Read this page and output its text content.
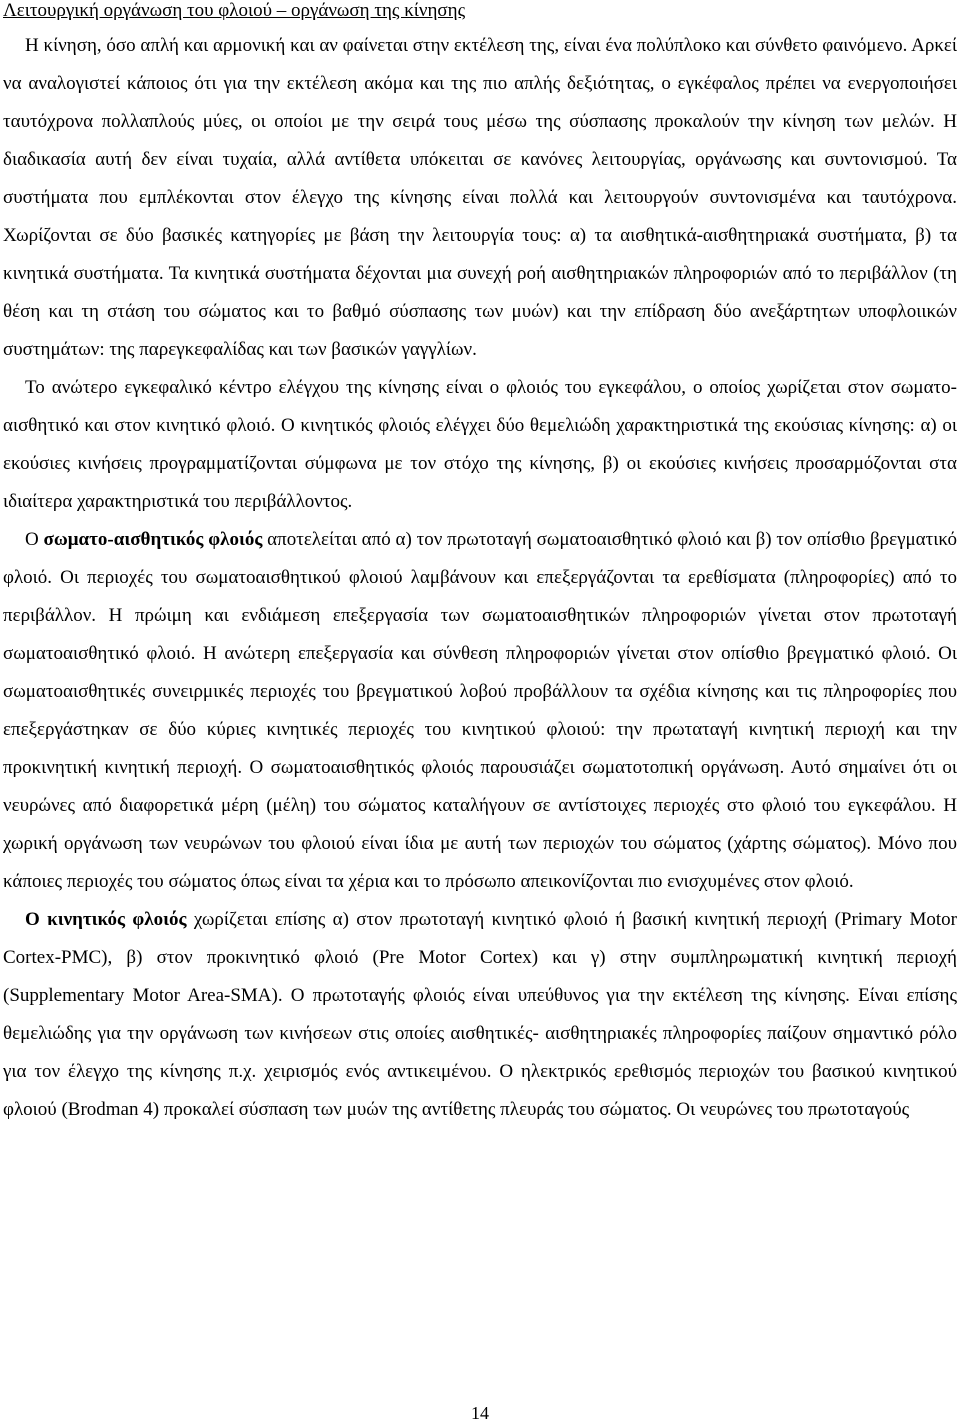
Λειτουργική οργάνωση του φλοιού – οργάνωση της κίνησης

Η κίνηση, όσο απλή και αρμονική και αν φαίνεται στην εκτέλεση της, είναι ένα πολύπλοκο και σύνθετο φαινόμενο. Αρκεί να αναλογιστεί κάποιος ότι για την εκτέλεση ακόμα και της πιο απλής δεξιότητας, ο εγκέφαλος πρέπει να ενεργοποιήσει ταυτόχρονα πολλαπλούς μύες, οι οποίοι με την σειρά τους μέσω της σύσπασης προκαλούν την κίνηση των μελών. Η διαδικασία αυτή δεν είναι τυχαία, αλλά αντίθετα υπόκειται σε κανόνες λειτουργίας, οργάνωσης και συντονισμού. Τα συστήματα που εμπλέκονται στον έλεγχο της κίνησης είναι πολλά και λειτουργούν συντονισμένα και ταυτόχρονα. Χωρίζονται σε δύο βασικές κατηγορίες με βάση την λειτουργία τους: α) τα αισθητικά-αισθητηριακά συστήματα, β) τα κινητικά συστήματα. Τα κινητικά συστήματα δέχονται μια συνεχή ροή αισθητηριακών πληροφοριών από το περιβάλλον (τη θέση και τη στάση του σώματος και το βαθμό σύσπασης των μυών) και την επίδραση δύο ανεξάρτητων υποφλοιικών συστημάτων: της παρεγκεφαλίδας και των βασικών γαγγλίων.

Το ανώτερο εγκεφαλικό κέντρο ελέγχου της κίνησης είναι ο φλοιός του εγκεφάλου, ο οποίος χωρίζεται στον σωματο-αισθητικό και στον κινητικό φλοιό. Ο κινητικός φλοιός ελέγχει δύο θεμελιώδη χαρακτηριστικά της εκούσιας κίνησης: α) οι εκούσιες κινήσεις προγραμματίζονται σύμφωνα με τον στόχο της κίνησης, β) οι εκούσιες κινήσεις προσαρμόζονται στα ιδιαίτερα χαρακτηριστικά του περιβάλλοντος.

Ο σωματο-αισθητικός φλοιός αποτελείται από α) τον πρωτοταγή σωματοαισθητικό φλοιό και β) τον οπίσθιο βρεγματικό φλοιό. Οι περιοχές του σωματοαισθητικού φλοιού λαμβάνουν και επεξεργάζονται τα ερεθίσματα (πληροφορίες) από το περιβάλλον. Η πρώιμη και ενδιάμεση επεξεργασία των σωματοαισθητικών πληροφοριών γίνεται στον πρωτοταγή σωματοαισθητικό φλοιό. Η ανώτερη επεξεργασία και σύνθεση πληροφοριών γίνεται στον οπίσθιο βρεγματικό φλοιό. Οι σωματοαισθητικές συνειρμικές περιοχές του βρεγματικού λοβού προβάλλουν τα σχέδια κίνησης και τις πληροφορίες που επεξεργάστηκαν σε δύο κύριες κινητικές περιοχές του κινητικού φλοιού: την πρωταταγή κινητική περιοχή και την προκινητική κινητική περιοχή. Ο σωματοαισθητικός φλοιός παρουσιάζει σωματοτοπική οργάνωση. Αυτό σημαίνει ότι οι νευρώνες από διαφορετικά μέρη (μέλη) του σώματος καταλήγουν σε αντίστοιχες περιοχές στο φλοιό του εγκεφάλου. Η χωρική οργάνωση των νευρώνων του φλοιού είναι ίδια με αυτή των περιοχών του σώματος (χάρτης σώματος). Μόνο που κάποιες περιοχές του σώματος όπως είναι τα χέρια και το πρόσωπο απεικονίζονται πιο ενισχυμένες στον φλοιό.

Ο κινητικός φλοιός χωρίζεται επίσης α) στον πρωτοταγή κινητικό φλοιό ή βασική κινητική περιοχή (Primary Motor Cortex-PMC), β) στον προκινητικό φλοιό (Pre Motor Cortex) και γ) στην συμπληρωματική κινητική περιοχή (Supplementary Motor Area-SMA). Ο πρωτοταγής φλοιός είναι υπεύθυνος για την εκτέλεση της κίνησης. Είναι επίσης θεμελιώδης για την οργάνωση των κινήσεων στις οποίες αισθητικές- αισθητηριακές πληροφορίες παίζουν σημαντικό ρόλο για τον έλεγχο της κίνησης π.χ. χειρισμός ενός αντικειμένου. Ο ηλεκτρικός ερεθισμός περιοχών του βασικού κινητικού φλοιού (Brodman 4) προκαλεί σύσπαση των μυών της αντίθετης πλευράς του σώματος. Οι νευρώνες του πρωτοταγούς

14
